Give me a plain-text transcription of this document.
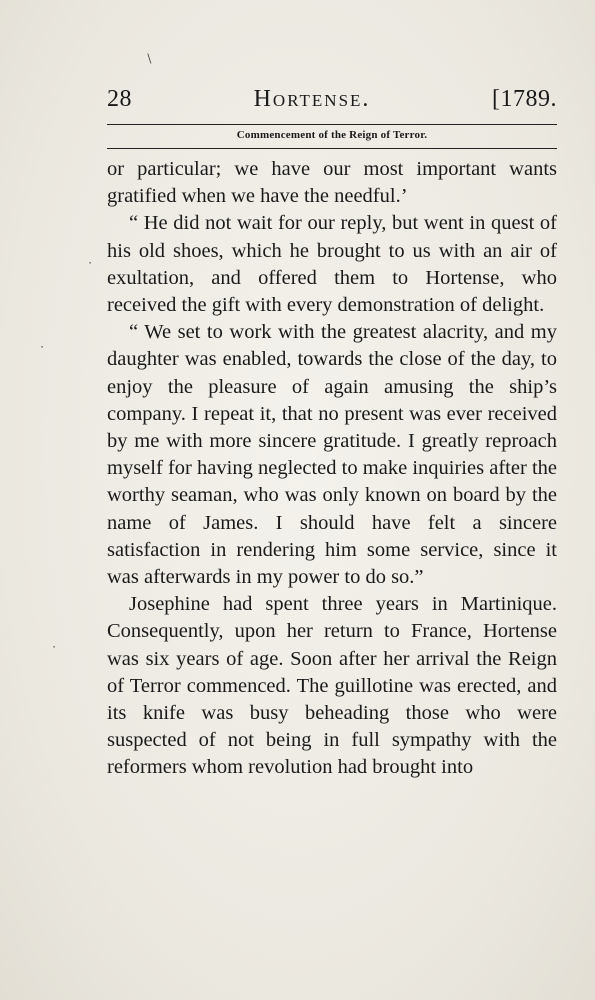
28	Hortense.	[1789.
Commencement of the Reign of Terror.

or particular; we have our most important wants gratified when we have the needful.’

“ He did not wait for our reply, but went in quest of his old shoes, which he brought to us with an air of exultation, and offered them to Hortense, who received the gift with every demonstration of delight.

“ We set to work with the greatest alacrity, and my daughter was enabled, towards the close of the day, to enjoy the pleasure of again amusing the ship’s company. I repeat it, that no present was ever received by me with more sincere gratitude. I greatly reproach myself for having neglected to make inquiries after the worthy seaman, who was only known on board by the name of James. I should have felt a sincere satisfaction in rendering him some service, since it was afterwards in my power to do so.”

Josephine had spent three years in Martinique. Consequently, upon her return to France, Hortense was six years of age. Soon after her arrival the Reign of Terror commenced. The guillotine was erected, and its knife was busy beheading those who were suspected of not being in full sympathy with the reformers whom revolution had brought into

∖
⋅
⋅
⋅
